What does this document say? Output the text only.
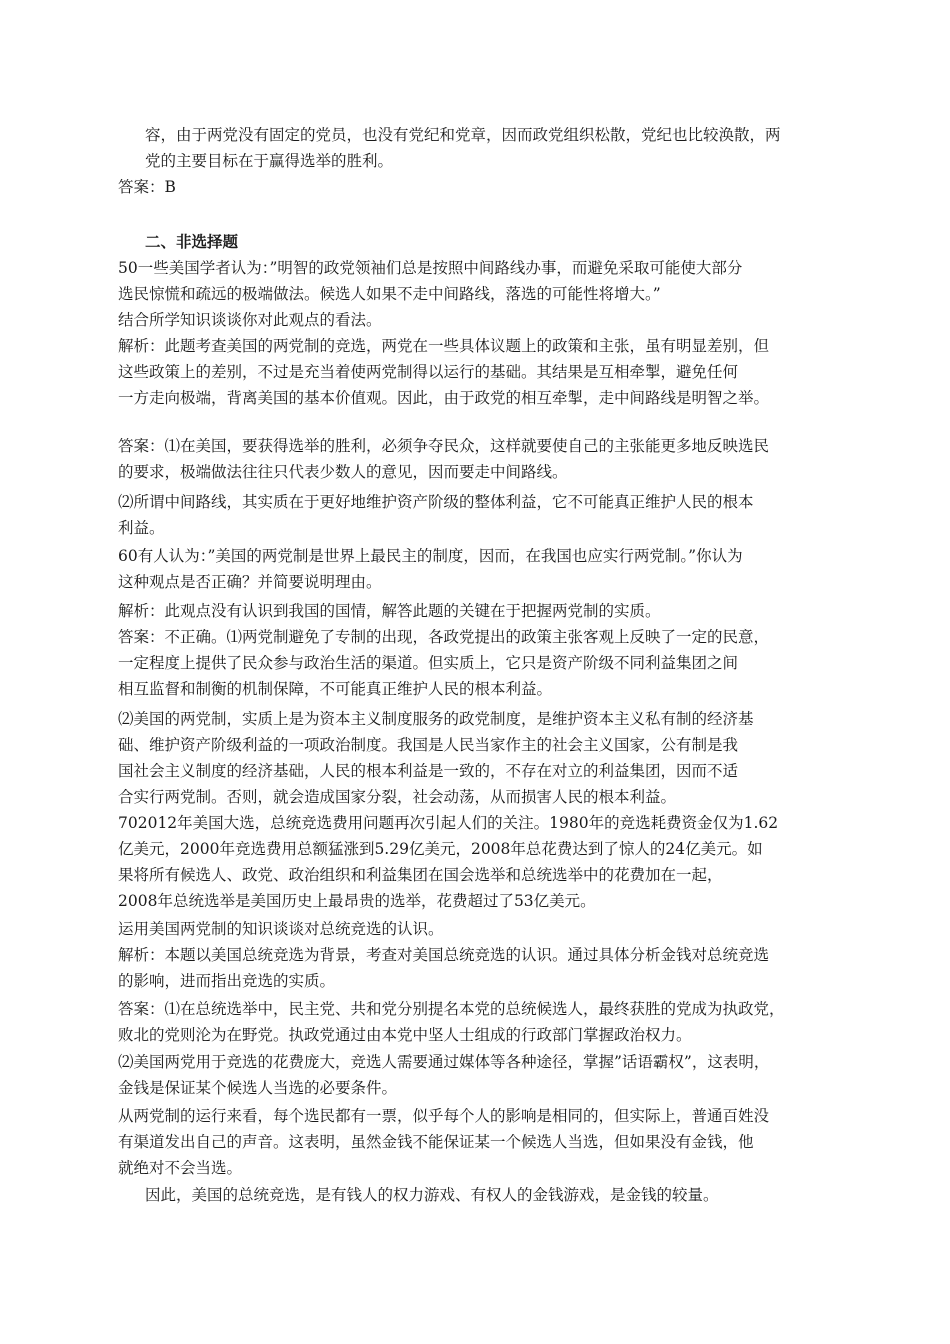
容，由于两党没有固定的党员，也没有党纪和党章，因而政党组织松散，党纪也比较涣散，两
党的主要目标在于赢得选举的胜利。
答案：B
二、非选择题
50一些美国学者认为：”明智的政党领袖们总是按照中间路线办事，而避免采取可能使大部分
选民惊慌和疏远的极端做法。候选人如果不走中间路线，落选的可能性将增大。”
结合所学知识谈谈你对此观点的看法。
解析：此题考查美国的两党制的竞选，两党在一些具体议题上的政策和主张，虽有明显差别，但
这些政策上的差别，不过是充当着使两党制得以运行的基础。其结果是互相牵掣，避免任何
一方走向极端，背离美国的基本价值观。因此，由于政党的相互牵掣，走中间路线是明智之举。
答案：⑴在美国，要获得选举的胜利，必须争夺民众，这样就要使自己的主张能更多地反映选民
的要求，极端做法往往只代表少数人的意见，因而要走中间路线。
⑵所谓中间路线，其实质在于更好地维护资产阶级的整体利益，它不可能真正维护人民的根本
利益。
60有人认为：”美国的两党制是世界上最民主的制度，因而，在我国也应实行两党制。”你认为
这种观点是否正确？并简要说明理由。
解析：此观点没有认识到我国的国情，解答此题的关键在于把握两党制的实质。
答案：不正确。⑴两党制避免了专制的出现，各政党提出的政策主张客观上反映了一定的民意，
一定程度上提供了民众参与政治生活的渠道。但实质上，它只是资产阶级不同利益集团之间
相互监督和制衡的机制保障，不可能真正维护人民的根本利益。
⑵美国的两党制，实质上是为资本主义制度服务的政党制度，是维护资本主义私有制的经济基
础、维护资产阶级利益的一项政治制度。我国是人民当家作主的社会主义国家，公有制是我
国社会主义制度的经济基础，人民的根本利益是一致的，不存在对立的利益集团，因而不适
合实行两党制。否则，就会造成国家分裂，社会动荡，从而损害人民的根本利益。
702012年美国大选，总统竞选费用问题再次引起人们的关注。1980年的竞选耗费资金仅为1.62
亿美元，2000年竞选费用总额猛涨到5.29亿美元，2008年总花费达到了惊人的24亿美元。如
果将所有候选人、政党、政治组织和利益集团在国会选举和总统选举中的花费加在一起，
2008年总统选举是美国历史上最昂贵的选举，花费超过了53亿美元。
运用美国两党制的知识谈谈对总统竞选的认识。
解析：本题以美国总统竞选为背景，考查对美国总统竞选的认识。通过具体分析金钱对总统竞选
的影响，进而指出竞选的实质。
答案：⑴在总统选举中，民主党、共和党分别提名本党的总统候选人，最终获胜的党成为执政党，
败北的党则沦为在野党。执政党通过由本党中坚人士组成的行政部门掌握政治权力。
⑵美国两党用于竞选的花费庞大，竞选人需要通过媒体等各种途径，掌握”话语霸权”，这表明，
金钱是保证某个候选人当选的必要条件。
从两党制的运行来看，每个选民都有一票，似乎每个人的影响是相同的，但实际上，普通百姓没
有渠道发出自己的声音。这表明，虽然金钱不能保证某一个候选人当选，但如果没有金钱，他
就绝对不会当选。
因此，美国的总统竞选，是有钱人的权力游戏、有权人的金钱游戏，是金钱的较量。
